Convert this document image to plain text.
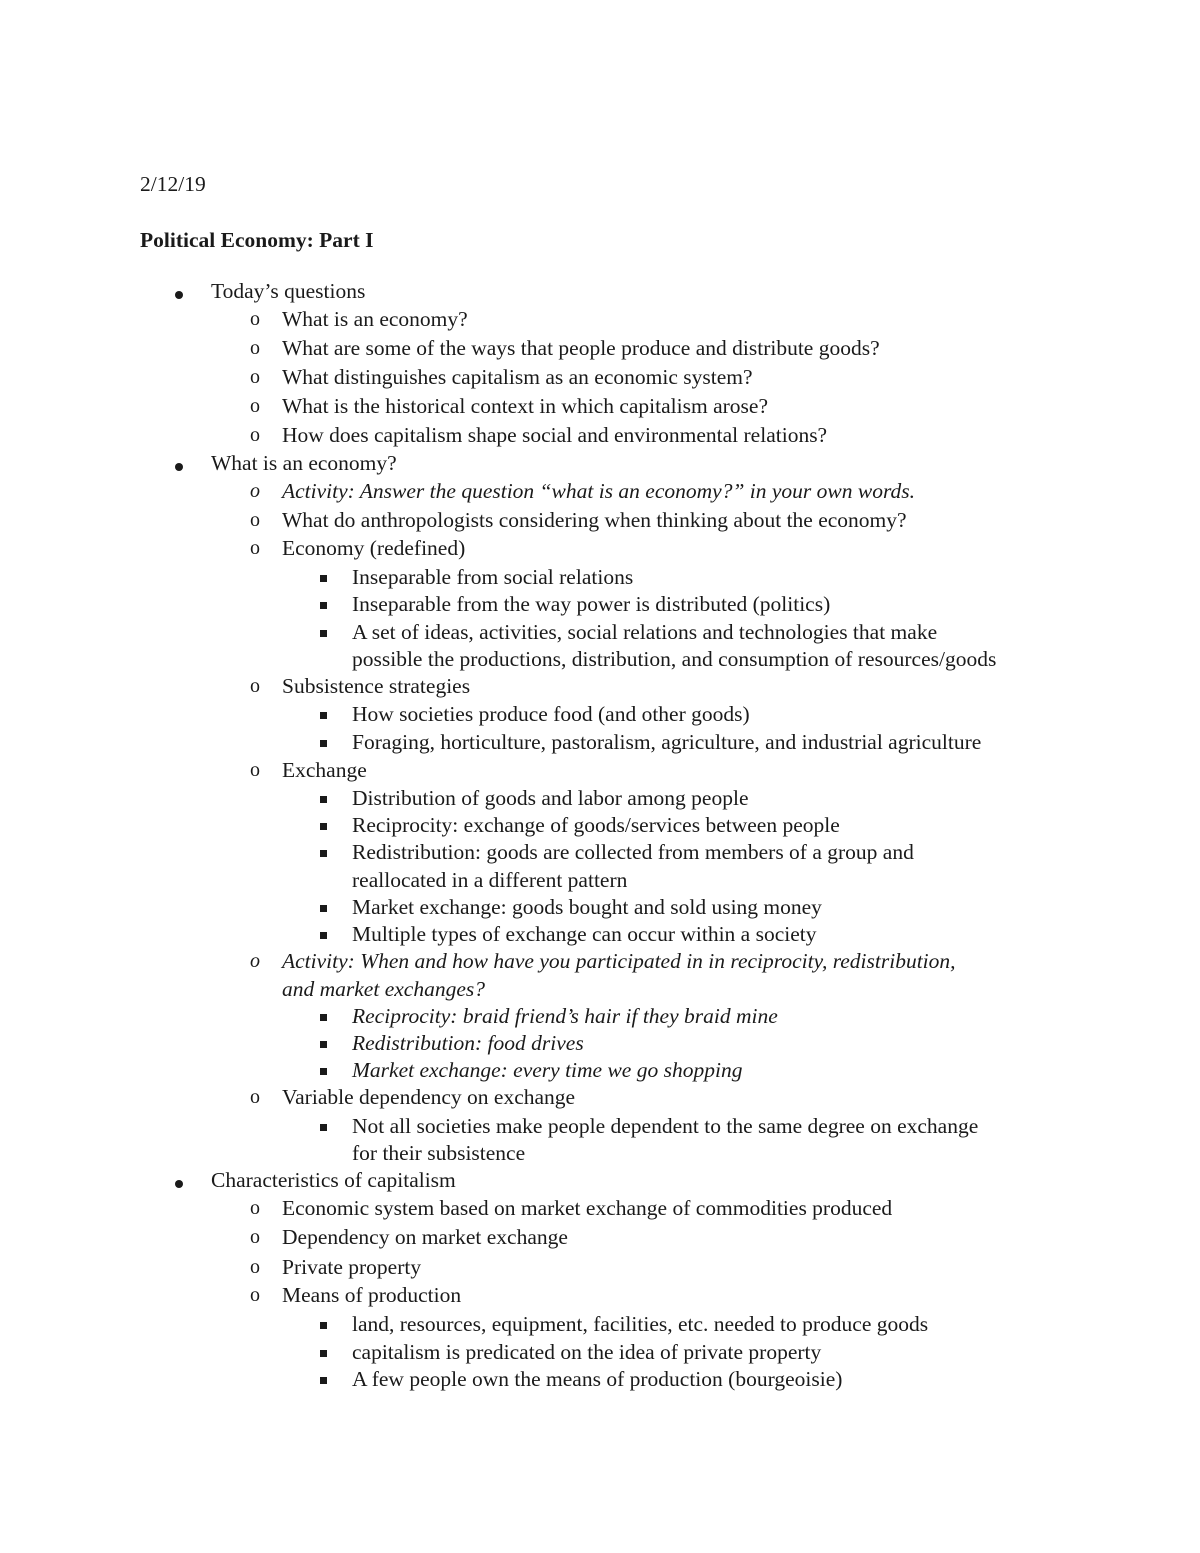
2/12/19
Political Economy: Part I
Today’s questions
o What is an economy?
o What are some of the ways that people produce and distribute goods?
o What distinguishes capitalism as an economic system?
o What is the historical context in which capitalism arose?
o How does capitalism shape social and environmental relations?
What is an economy?
o Activity: Answer the question “what is an economy?” in your own words.
o What do anthropologists considering when thinking about the economy?
o Economy (redefined)
Inseparable from social relations
Inseparable from the way power is distributed (politics)
A set of ideas, activities, social relations and technologies that make
possible the productions, distribution, and consumption of resources/goods
o Subsistence strategies
How societies produce food (and other goods)
Foraging, horticulture, pastoralism, agriculture, and industrial agriculture
o Exchange
Distribution of goods and labor among people
Reciprocity: exchange of goods/services between people
Redistribution: goods are collected from members of a group and
reallocated in a different pattern
Market exchange: goods bought and sold using money
Multiple types of exchange can occur within a society
o Activity: When and how have you participated in in reciprocity, redistribution,
and market exchanges?
Reciprocity: braid friend’s hair if they braid mine
Redistribution: food drives
Market exchange: every time we go shopping
o Variable dependency on exchange
Not all societies make people dependent to the same degree on exchange
for their subsistence
Characteristics of capitalism
o Economic system based on market exchange of commodities produced
o Dependency on market exchange
o Private property
o Means of production
land, resources, equipment, facilities, etc. needed to produce goods
capitalism is predicated on the idea of private property
A few people own the means of production (bourgeoisie)
